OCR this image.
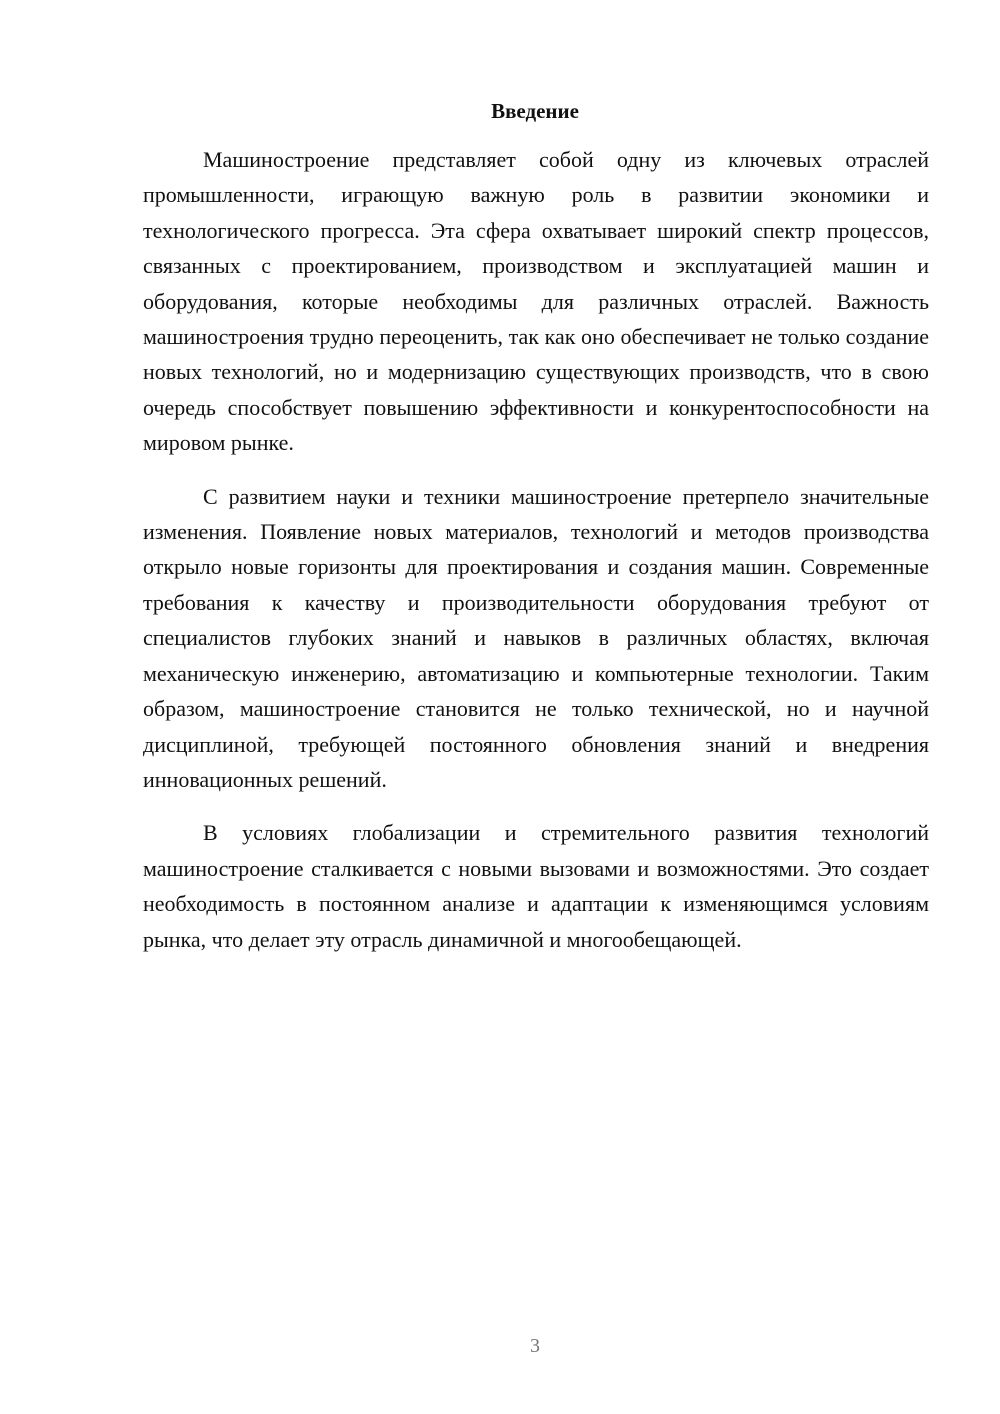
Введение

Машиностроение представляет собой одну из ключевых отраслей промышленности, играющую важную роль в развитии экономики и технологического прогресса. Эта сфера охватывает широкий спектр процессов, связанных с проектированием, производством и эксплуатацией машин и оборудования, которые необходимы для различных отраслей. Важность машиностроения трудно переоценить, так как оно обеспечивает не только создание новых технологий, но и модернизацию существующих производств, что в свою очередь способствует повышению эффективности и конкурентоспособности на мировом рынке.

С развитием науки и техники машиностроение претерпело значительные изменения. Появление новых материалов, технологий и методов производства открыло новые горизонты для проектирования и создания машин. Современные требования к качеству и производительности оборудования требуют от специалистов глубоких знаний и навыков в различных областях, включая механическую инженерию, автоматизацию и компьютерные технологии. Таким образом, машиностроение становится не только технической, но и научной дисциплиной, требующей постоянного обновления знаний и внедрения инновационных решений.

В условиях глобализации и стремительного развития технологий машиностроение сталкивается с новыми вызовами и возможностями. Это создает необходимость в постоянном анализе и адаптации к изменяющимся условиям рынка, что делает эту отрасль динамичной и многообещающей.

3
